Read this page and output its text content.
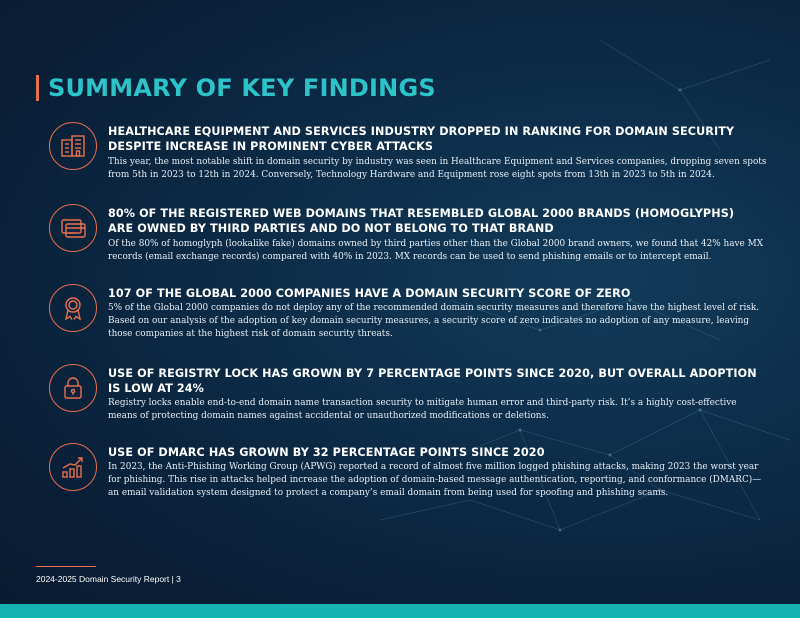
SUMMARY OF KEY FINDINGS

HEALTHCARE EQUIPMENT AND SERVICES INDUSTRY DROPPED IN RANKING FOR DOMAIN SECURITY DESPITE INCREASE IN PROMINENT CYBER ATTACKS

This year, the most notable shift in domain security by industry was seen in Healthcare Equipment and Services companies, dropping seven spots from 5th in 2023 to 12th in 2024. Conversely, Technology Hardware and Equipment rose eight spots from 13th in 2023 to 5th in 2024.

80% OF THE REGISTERED WEB DOMAINS THAT RESEMBLED GLOBAL 2000 BRANDS (HOMOGLYPHS) ARE OWNED BY THIRD PARTIES AND DO NOT BELONG TO THAT BRAND

Of the 80% of homoglyph (lookalike fake) domains owned by third parties other than the Global 2000 brand owners, we found that 42% have MX records (email exchange records) compared with 40% in 2023. MX records can be used to send phishing emails or to intercept email.

107 OF THE GLOBAL 2000 COMPANIES HAVE A DOMAIN SECURITY SCORE OF ZERO

5% of the Global 2000 companies do not deploy any of the recommended domain security measures and therefore have the highest level of risk. Based on our analysis of the adoption of key domain security measures, a security score of zero indicates no adoption of any measure, leaving those companies at the highest risk of domain security threats.

USE OF REGISTRY LOCK HAS GROWN BY 7 PERCENTAGE POINTS SINCE 2020, BUT OVERALL ADOPTION IS LOW AT 24%

Registry locks enable end-to-end domain name transaction security to mitigate human error and third-party risk. It’s a highly cost-effective means of protecting domain names against accidental or unauthorized modifications or deletions.

USE OF DMARC HAS GROWN BY 32 PERCENTAGE POINTS SINCE 2020

In 2023, the Anti-Phishing Working Group (APWG) reported a record of almost five million logged phishing attacks, making 2023 the worst year for phishing. This rise in attacks helped increase the adoption of domain-based message authentication, reporting, and conformance (DMARC)—an email validation system designed to protect a company’s email domain from being used for spoofing and phishing scams.

2024-2025 Domain Security Report | 3
